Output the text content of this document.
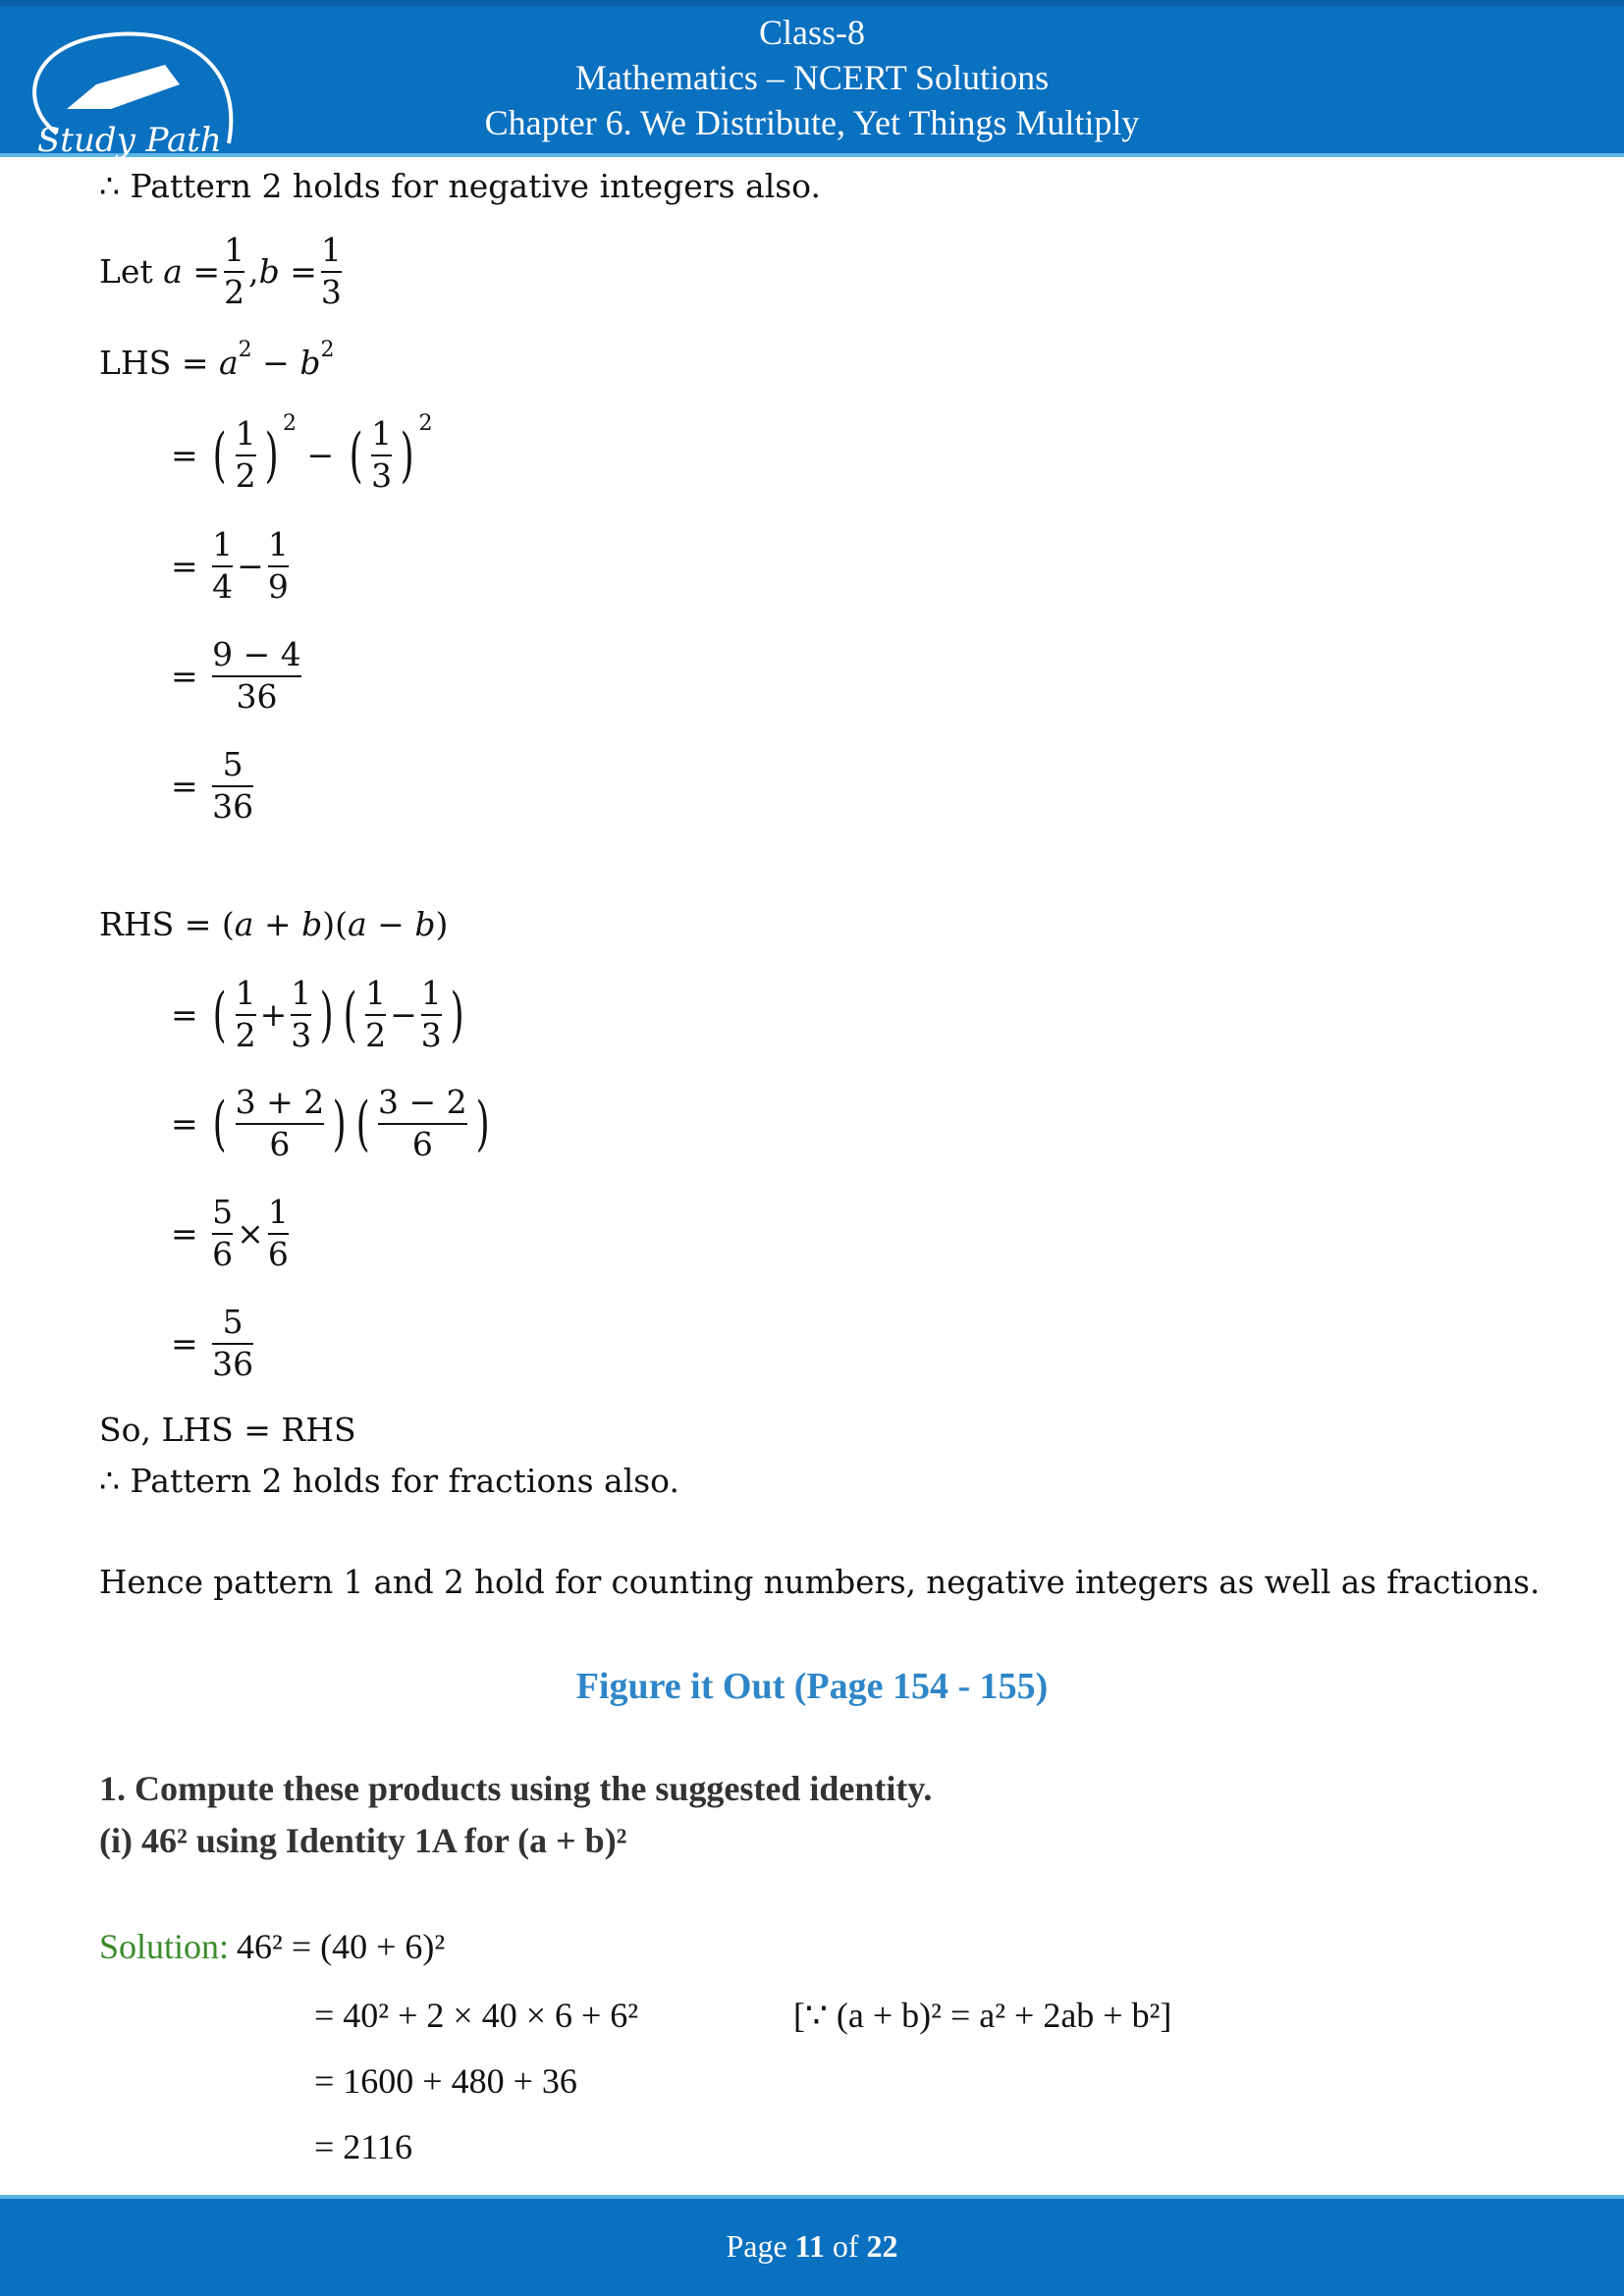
Study Path
Class-8
Mathematics – NCERT Solutions
Chapter 6. We Distribute, Yet Things Multiply
∴ Pattern 2 holds for negative integers also.
Let
a
= $\frac{1}{2}$ , b
= $\frac{1}{3}$
LHS
=
a 2
−
b 2
=
( $\frac{1}{2}$ ) 2

−
( $\frac{1}{3}$ ) 2
=
$\frac{1}{4} - \frac{1}{9}$
=
$\frac{9 - 4}{36}$
=
$\frac{5}{36}$
RHS
=
( a
+
b ) ( a
−
b )
=
( $\frac{1}{2} + \frac{1}{3}$ ) ( $\frac{1}{2} - \frac{1}{3}$ )
=
( $\frac{3 + 2}{6}$ ) ( $\frac{3 - 2}{6}$ )
=
$\frac{5}{6} \times \frac{1}{6}$
=
$\frac{5}{36}$
So, LHS = RHS
∴ Pattern 2 holds for fractions also.
Hence pattern 1 and 2 hold for counting numbers, negative integers as well as fractions.
Figure it Out (Page 154 - 155)
1. Compute these products using the suggested identity.
(i) 46² using Identity 1A for (a + b)²
Solution: 46² = (40 + 6)²
= 40² + 2 × 40 × 6 + 6²	[∵ (a + b)² = a² + 2ab + b²]
= 1600 + 480 + 36
= 2116
Page 11 of 22
